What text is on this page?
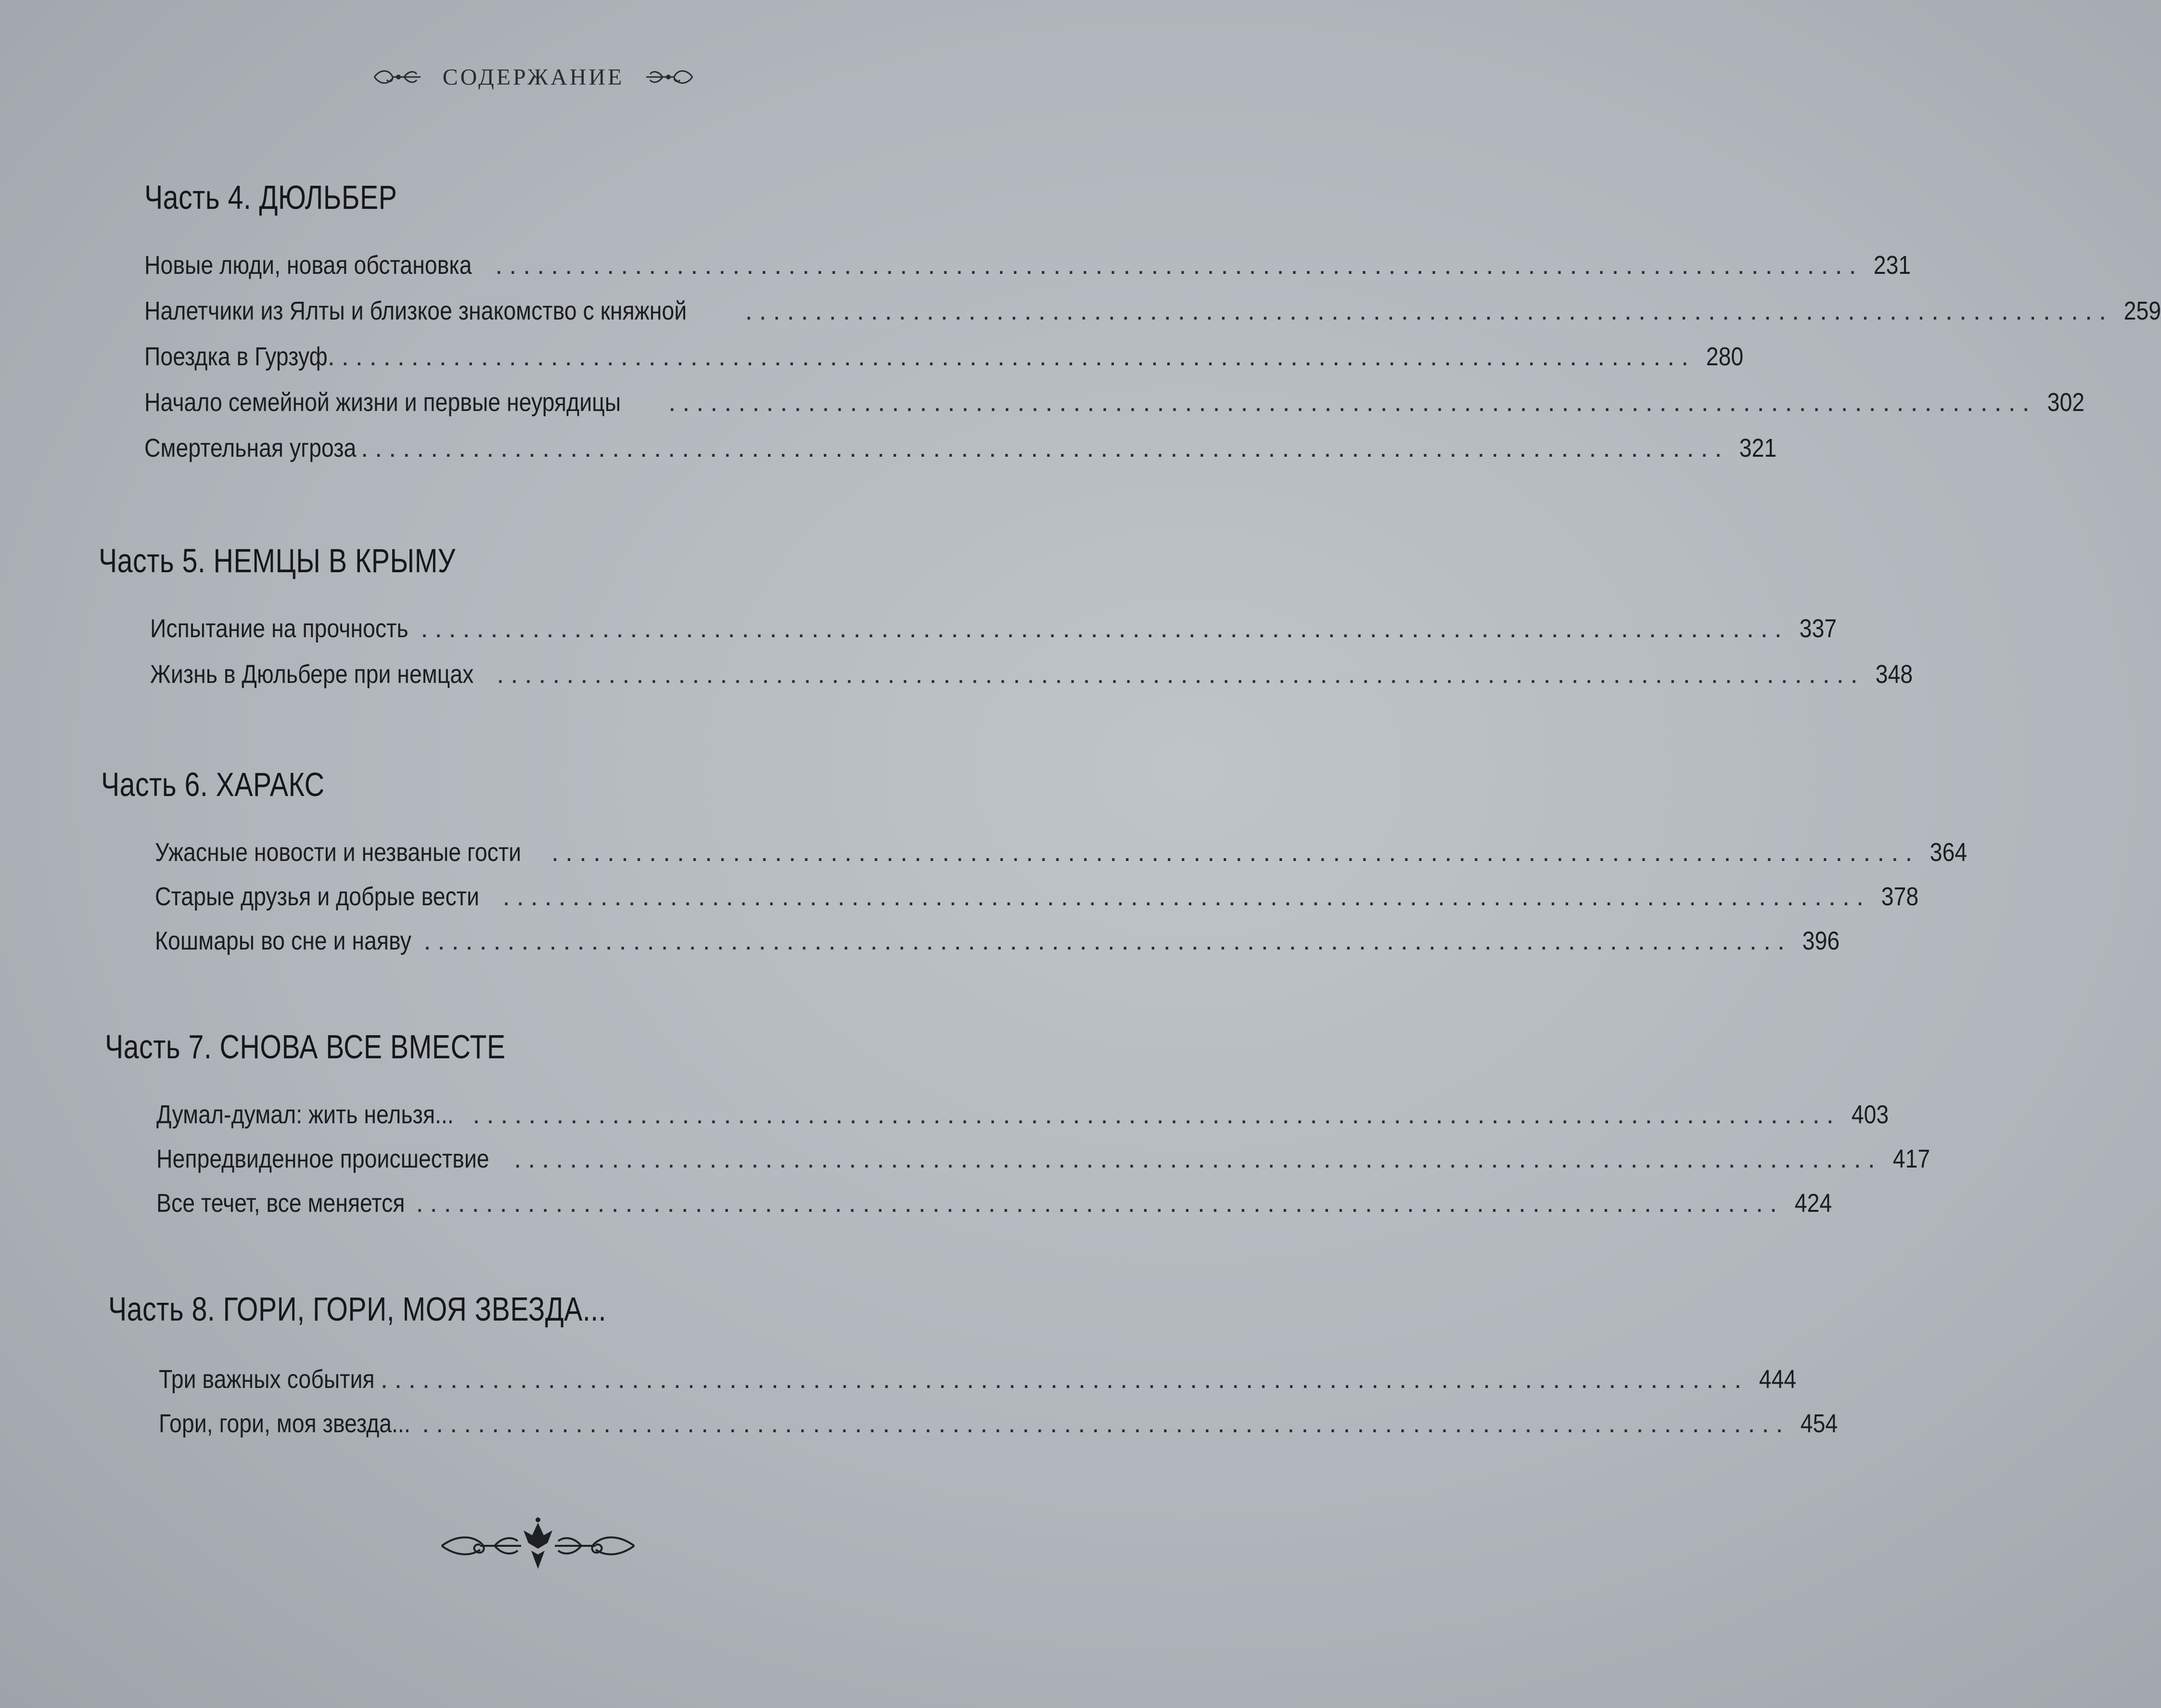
СОДЕРЖАНИЕ
Часть 4. ДЮЛЬБЕР
Новые люди, новая обстановка .................................................................................................. 231
Налетчики из Ялты и близкое знакомство с княжной .................................................................................................. 259
Поездка в Гурзуф .................................................................................................. 280
Начало семейной жизни и первые неурядицы .................................................................................................. 302
Смертельная угроза .................................................................................................. 321
Часть 5. НЕМЦЫ В КРЫМУ
Испытание на прочность .................................................................................................. 337
Жизнь в Дюльбере при немцах .................................................................................................. 348
Часть 6. ХАРАКС
Ужасные новости и незваные гости .................................................................................................. 364
Старые друзья и добрые вести .................................................................................................. 378
Кошмары во сне и наяву .................................................................................................. 396
Часть 7. СНОВА ВСЕ ВМЕСТЕ
Думал-думал: жить нельзя... .................................................................................................. 403
Непредвиденное происшествие .................................................................................................. 417
Все течет, все меняется .................................................................................................. 424
Часть 8. ГОРИ, ГОРИ, МОЯ ЗВЕЗДА...
Три важных события .................................................................................................. 444
Гори, гори, моя звезда... .................................................................................................. 454
